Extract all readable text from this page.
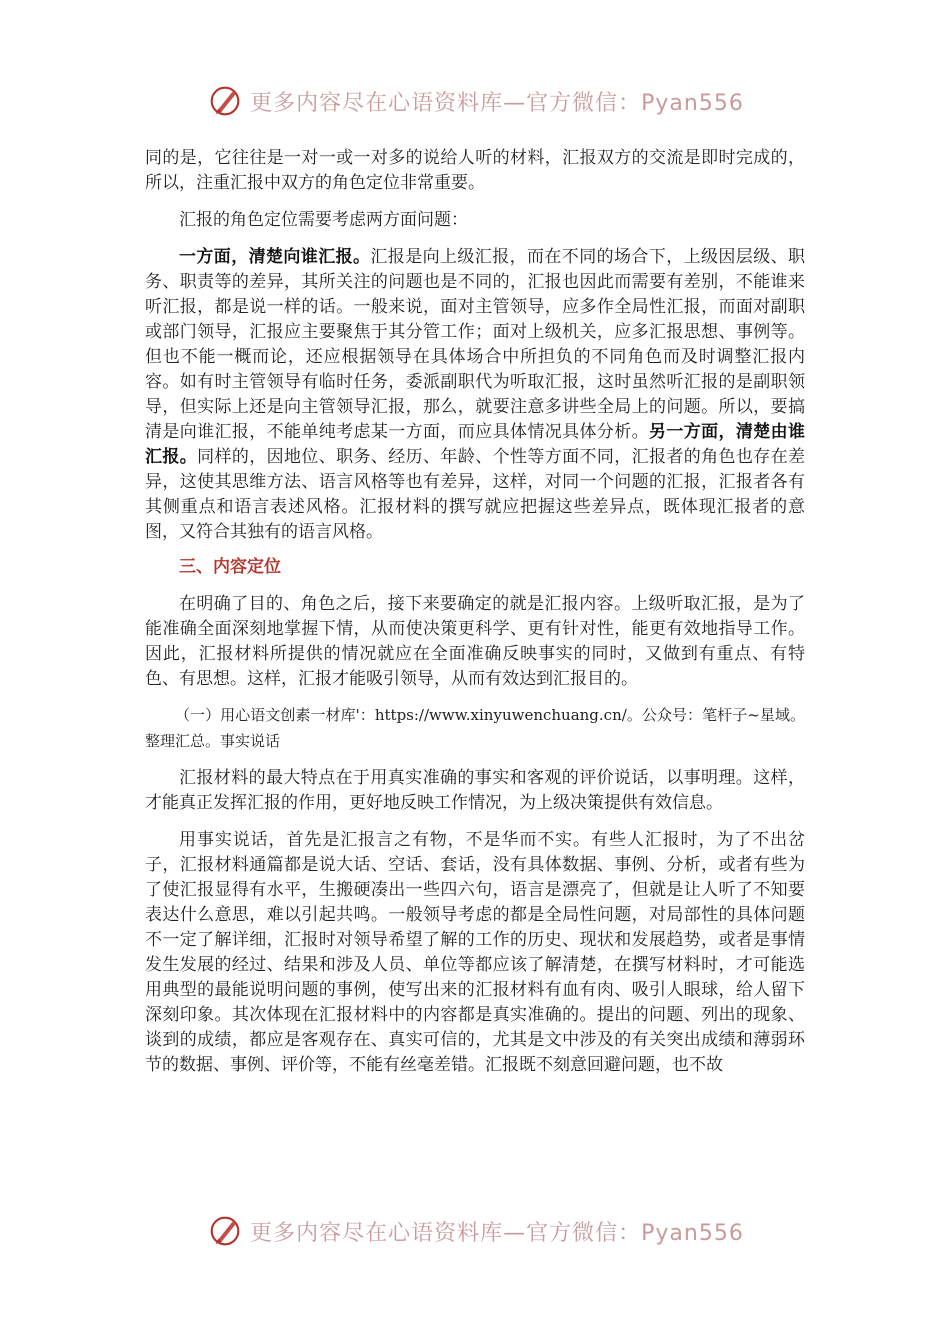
更多内容尽在心语资料库—官方微信：Pyan556

同的是，它往往是一对一或一对多的说给人听的材料，汇报双方的交流是即时完成的，所以，注重汇报中双方的角色定位非常重要。

汇报的角色定位需要考虑两方面问题：

一方面，清楚向谁汇报。汇报是向上级汇报，而在不同的场合下，上级因层级、职务、职责等的差异，其所关注的问题也是不同的，汇报也因此而需要有差别，不能谁来听汇报，都是说一样的话。一般来说，面对主管领导，应多作全局性汇报，而面对副职或部门领导，汇报应主要聚焦于其分管工作；面对上级机关，应多汇报思想、事例等。但也不能一概而论，还应根据领导在具体场合中所担负的不同角色而及时调整汇报内容。如有时主管领导有临时任务，委派副职代为听取汇报，这时虽然听汇报的是副职领导，但实际上还是向主管领导汇报，那么，就要注意多讲些全局上的问题。所以，要搞清是向谁汇报，不能单纯考虑某一方面，而应具体情况具体分析。另一方面，清楚由谁汇报。同样的，因地位、职务、经历、年龄、个性等方面不同，汇报者的角色也存在差异，这使其思维方法、语言风格等也有差异，这样，对同一个问题的汇报，汇报者各有其侧重点和语言表述风格。汇报材料的撰写就应把握这些差异点，既体现汇报者的意图，又符合其独有的语言风格。

三、内容定位

在明确了目的、角色之后，接下来要确定的就是汇报内容。上级听取汇报，是为了能准确全面深刻地掌握下情，从而使决策更科学、更有针对性，能更有效地指导工作。因此，汇报材料所提供的情况就应在全面准确反映事实的同时，又做到有重点、有特色、有思想。这样，汇报才能吸引领导，从而有效达到汇报目的。

（一）用心语文创素一材库'：https://www.xinyuwenchuang.cn/。公众号：笔杆子~星域。整理汇总。事实说话

汇报材料的最大特点在于用真实准确的事实和客观的评价说话，以事明理。这样，才能真正发挥汇报的作用，更好地反映工作情况，为上级决策提供有效信息。

用事实说话，首先是汇报言之有物，不是华而不实。有些人汇报时，为了不出岔子，汇报材料通篇都是说大话、空话、套话，没有具体数据、事例、分析，或者有些为了使汇报显得有水平，生搬硬凑出一些四六句，语言是漂亮了，但就是让人听了不知要表达什么意思，难以引起共鸣。一般领导考虑的都是全局性问题，对局部性的具体问题不一定了解详细，汇报时对领导希望了解的工作的历史、现状和发展趋势，或者是事情发生发展的经过、结果和涉及人员、单位等都应该了解清楚，在撰写材料时，才可能选用典型的最能说明问题的事例，使写出来的汇报材料有血有肉、吸引人眼球，给人留下深刻印象。其次体现在汇报材料中的内容都是真实准确的。提出的问题、列出的现象、谈到的成绩，都应是客观存在、真实可信的，尤其是文中涉及的有关突出成绩和薄弱环节的数据、事例、评价等，不能有丝毫差错。汇报既不刻意回避问题，也不故

更多内容尽在心语资料库—官方微信：Pyan556
